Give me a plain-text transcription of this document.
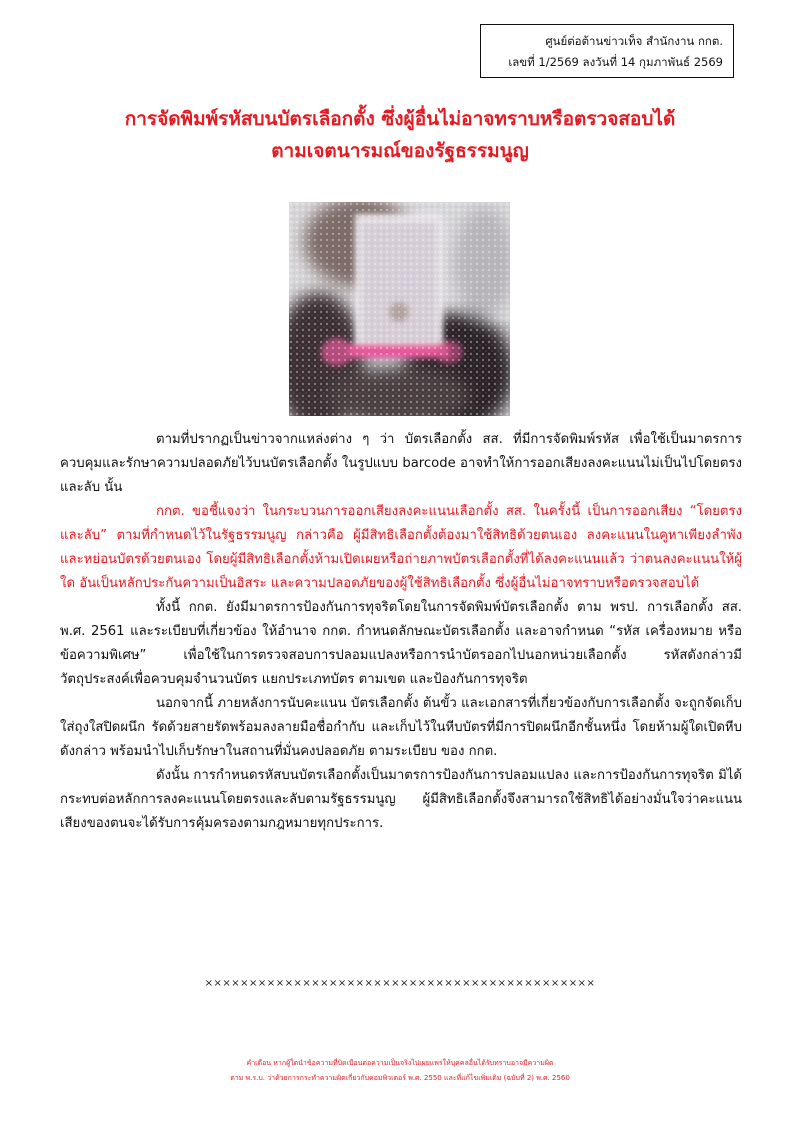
ศูนย์ต่อต้านข่าวเท็จ สำนักงาน กกต.
เลขที่ 1/2569 ลงวันที่ 14 กุมภาพันธ์ 2569
การจัดพิมพ์รหัสบนบัตรเลือกตั้ง ซึ่งผู้อื่นไม่อาจทราบหรือตรวจสอบได้
ตามเจตนารมณ์ของรัฐธรรมนูญ

ตามที่ปรากฏเป็นข่าวจากแหล่งต่าง ๆ ว่า บัตรเลือกตั้ง สส. ที่มีการจัดพิมพ์รหัส เพื่อใช้เป็นมาตรการควบคุมและรักษาความปลอดภัยไว้บนบัตรเลือกตั้ง ในรูปแบบ barcode อาจทำให้การออกเสียงลงคะแนนไม่เป็นไปโดยตรงและลับ นั้น

กกต. ขอชี้แจงว่า ในกระบวนการออกเสียงลงคะแนนเลือกตั้ง สส. ในครั้งนี้ เป็นการออกเสียง “โดยตรงและลับ” ตามที่กำหนดไว้ในรัฐธรรมนูญ กล่าวคือ ผู้มีสิทธิเลือกตั้งต้องมาใช้สิทธิด้วยตนเอง ลงคะแนนในคูหาเพียงลำพัง และหย่อนบัตรด้วยตนเอง โดยผู้มีสิทธิเลือกตั้งห้ามเปิดเผยหรือถ่ายภาพบัตรเลือกตั้งที่ได้ลงคะแนนแล้ว ว่าตนลงคะแนนให้ผู้ใด อันเป็นหลักประกันความเป็นอิสระ และความปลอดภัยของผู้ใช้สิทธิเลือกตั้ง ซึ่งผู้อื่นไม่อาจทราบหรือตรวจสอบได้

ทั้งนี้ กกต. ยังมีมาตรการป้องกันการทุจริตโดยในการจัดพิมพ์บัตรเลือกตั้ง ตาม พรป. การเลือกตั้ง สส. พ.ศ. 2561 และระเบียบที่เกี่ยวข้อง ให้อำนาจ กกต. กำหนดลักษณะบัตรเลือกตั้ง และอาจกำหนด “รหัส เครื่องหมาย หรือข้อความพิเศษ” เพื่อใช้ในการตรวจสอบการปลอมแปลงหรือการนำบัตรออกไปนอกหน่วยเลือกตั้ง รหัสดังกล่าวมีวัตถุประสงค์เพื่อควบคุมจำนวนบัตร แยกประเภทบัตร ตามเขต และป้องกันการทุจริต

นอกจากนี้ ภายหลังการนับคะแนน บัตรเลือกตั้ง ต้นขั้ว และเอกสารที่เกี่ยวข้องกับการเลือกตั้ง จะถูกจัดเก็บใส่ถุงใสปิดผนึก รัดด้วยสายรัดพร้อมลงลายมือชื่อกำกับ และเก็บไว้ในหีบบัตรที่มีการปิดผนึกอีกชั้นหนึ่ง โดยห้ามผู้ใดเปิดหีบดังกล่าว พร้อมนำไปเก็บรักษาในสถานที่มั่นคงปลอดภัย ตามระเบียบ ของ กกต.

ดังนั้น การกำหนดรหัสบนบัตรเลือกตั้งเป็นมาตรการป้องกันการปลอมแปลง และการป้องกันการทุจริต มิได้กระทบต่อหลักการลงคะแนนโดยตรงและลับตามรัฐธรรมนูญ ผู้มีสิทธิเลือกตั้งจึงสามารถใช้สิทธิได้อย่างมั่นใจว่าคะแนนเสียงของตนจะได้รับการคุ้มครองตามกฎหมายทุกประการ.

××××××××××××××××××××××××××××××××××××××××××××
คำเตือน หากผู้ใดนำข้อความที่บิดเบือนต่อความเป็นจริงไปเผยแพร่ให้บุคคลอื่นได้รับทราบอาจมีความผิด
ตาม พ.ร.บ. ว่าด้วยการกระทำความผิดเกี่ยวกับคอมพิวเตอร์ พ.ศ. 2550 และที่แก้ไขเพิ่มเติม (ฉบับที่ 2) พ.ศ. 2560
